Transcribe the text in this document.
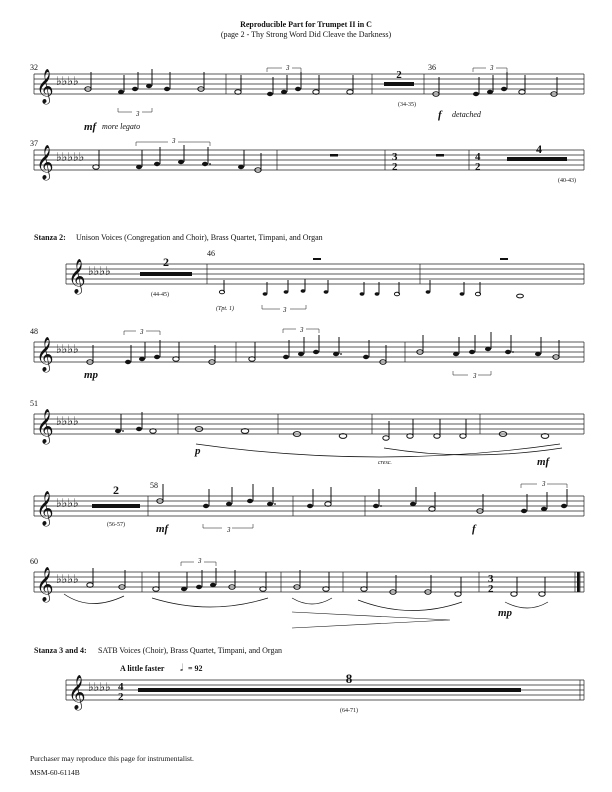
Reproducible Part for Trumpet II in C
(page 2 - Thy Strong Word Did Cleave the Darkness)
𝄞 ♭♭♭♭
32	36
2
(34-35)
3
3	3
mf more legato
f detached
𝄞 ♭♭♭♭♭
37
3
2
4
2
4
(40-43)
3
Stanza 2: Unison Voices (Congregation and Choir), Brass Quartet, Timpani, and Organ
𝄞 ♭♭♭♭
46
2
(44-45)
(Tpt. 1)	3
𝄞 ♭♭♭♭
48
mp
3	3
3
𝄞 ♭♭♭♭
51
p
cresc.	mf
𝄞 ♭♭♭♭
58
2
(56-57)	mf	f
3
3
𝄞 ♭♭♭♭
60
3
2
mp
3
Stanza 3 and 4: SATB Voices (Choir), Brass Quartet, Timpani, and Organ
A little faster 𝅗𝅥 = 92
𝄞 ♭♭♭♭ 4
2
8
(64-71)
Purchaser may reproduce this page for instrumentalist.
MSM-60-6114B
